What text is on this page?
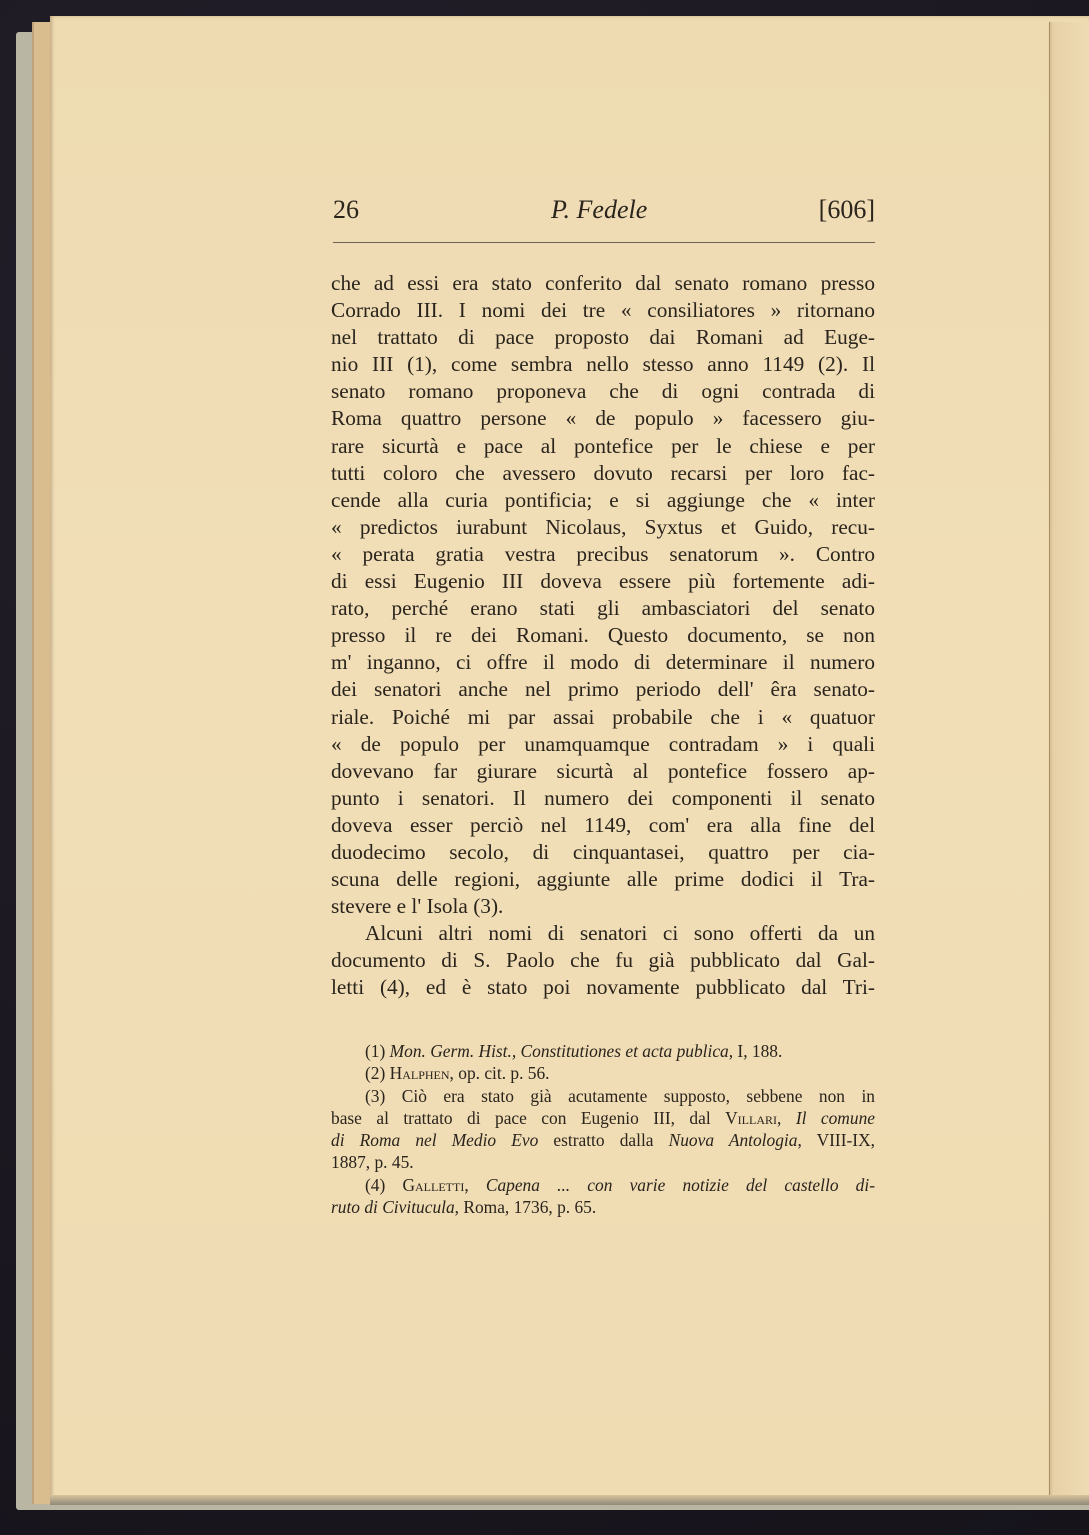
26	P. Fedele	[606]
che ad essi era stato conferito dal senato romano presso
Corrado III. I nomi dei tre « consiliatores » ritornano
nel trattato di pace proposto dai Romani ad Euge-
nio III (1), come sembra nello stesso anno 1149 (2). Il
senato romano proponeva che di ogni contrada di
Roma quattro persone « de populo » facessero giu-
rare sicurtà e pace al pontefice per le chiese e per
tutti coloro che avessero dovuto recarsi per loro fac-
cende alla curia pontificia; e si aggiunge che « inter
« predictos iurabunt Nicolaus, Syxtus et Guido, recu-
« perata gratia vestra precibus senatorum ». Contro
di essi Eugenio III doveva essere più fortemente adi-
rato, perché erano stati gli ambasciatori del senato
presso il re dei Romani. Questo documento, se non
m' inganno, ci offre il modo di determinare il numero
dei senatori anche nel primo periodo dell' êra senato-
riale. Poiché mi par assai probabile che i « quatuor
« de populo per unamquamque contradam » i quali
dovevano far giurare sicurtà al pontefice fossero ap-
punto i senatori. Il numero dei componenti il senato
doveva esser perciò nel 1149, com' era alla fine del
duodecimo secolo, di cinquantasei, quattro per cia-
scuna delle regioni, aggiunte alle prime dodici il Tra-
stevere e l' Isola (3).
Alcuni altri nomi di senatori ci sono offerti da un
documento di S. Paolo che fu già pubblicato dal Gal-
letti (4), ed è stato poi novamente pubblicato dal Tri-
(1) Mon. Germ. Hist., Constitutiones et acta publica, I, 188.
(2) Halphen, op. cit. p. 56.
(3) Ciò era stato già acutamente supposto, sebbene non in
base al trattato di pace con Eugenio III, dal Villari, Il comune
di Roma nel Medio Evo estratto dalla Nuova Antologia, VIII-IX,
1887, p. 45.
(4) Galletti, Capena ... con varie notizie del castello di-
ruto di Civitucula, Roma, 1736, p. 65.
